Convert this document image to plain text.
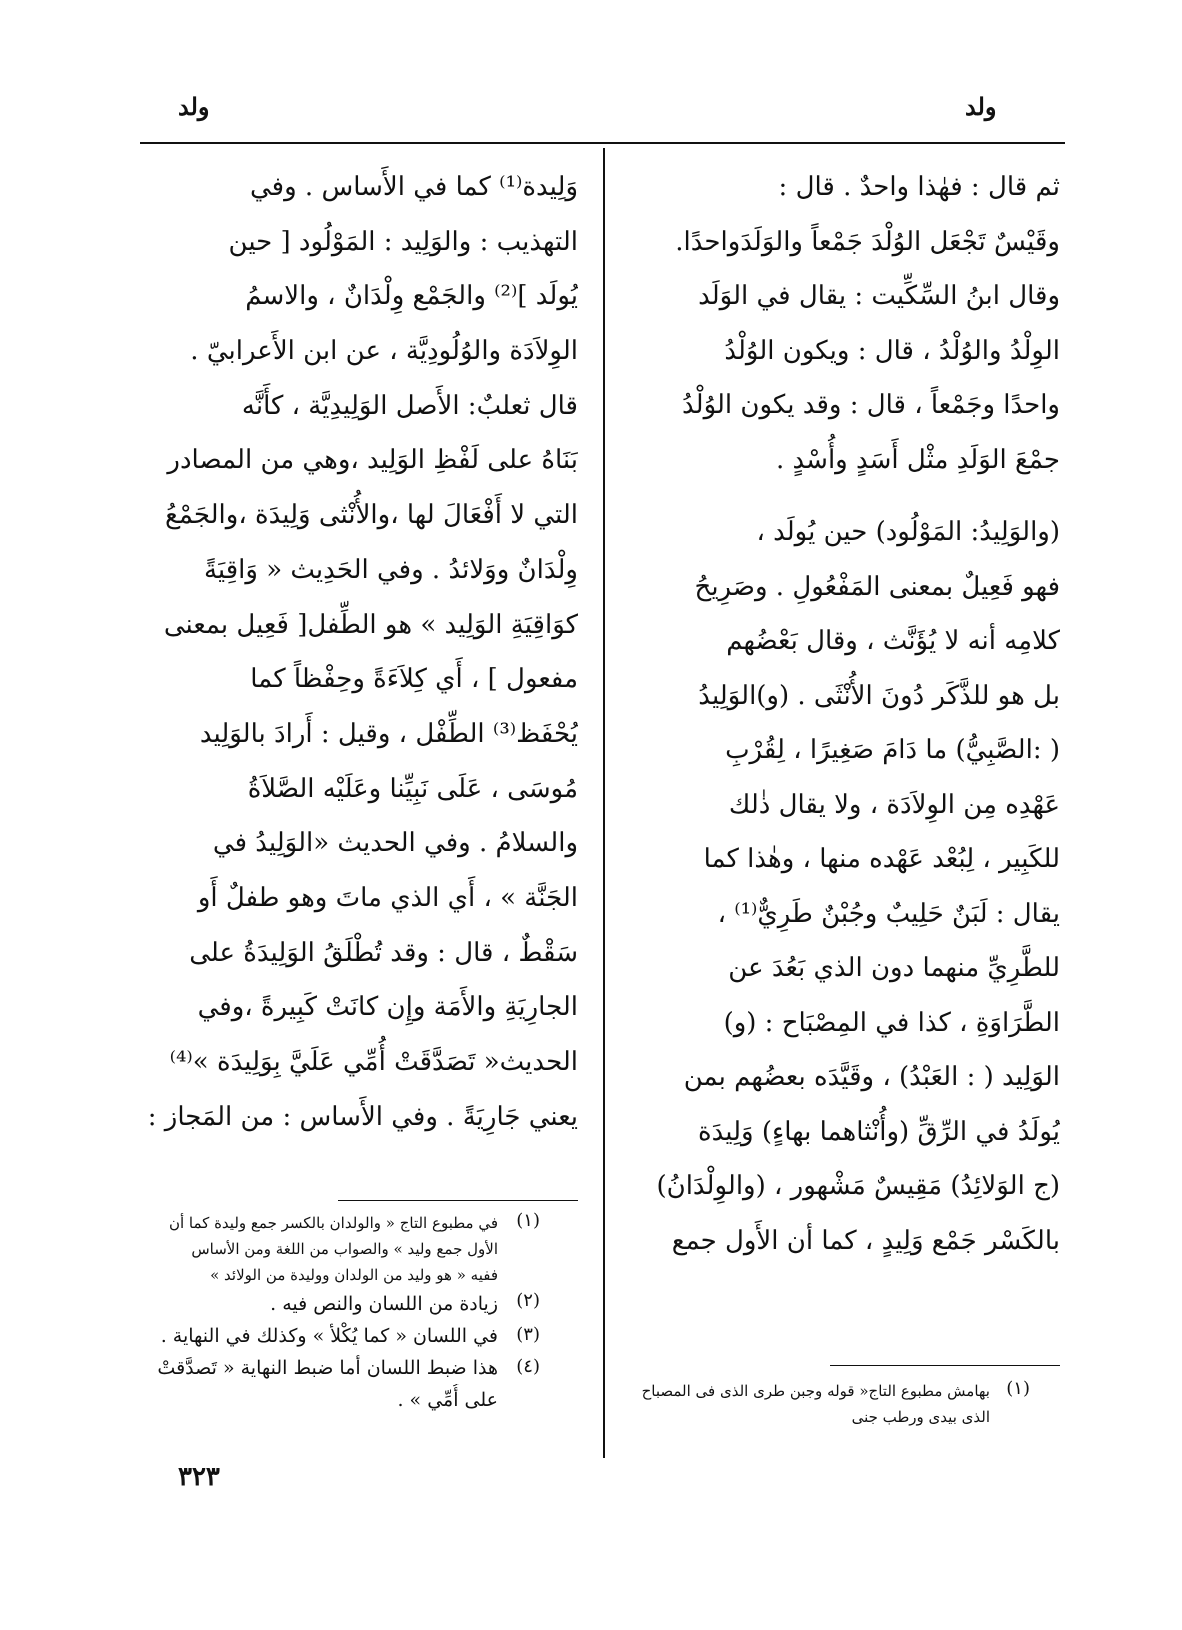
ولد
ولد
ثم قال : فهٰذا واحدٌ . قال :
وقَيْسٌ تَجْعَل الوُلْدَ جَمْعاً والوَلَدَواحدًا.
وقال ابنُ السِّكِّيت : يقال في الوَلَد
الوِلْدُ والوُلْدُ ، قال : ويكون الوُلْدُ
واحدًا وجَمْعاً ، قال : وقد يكون الوُلْدُ
جمْعَ الوَلَدِ مثْل أَسَدٍ وأُسْدٍ .
(والوَلِيدُ: المَوْلُود) حين يُولَد ،
فهو فَعِيلٌ بمعنى المَفْعُولِ . وصَرِيحُ
كلامِه أنه لا يُؤَنَّث ، وقال بَعْضُهم
بل هو للذَّكَر دُونَ الأُنْثَى . (و)الوَلِيدُ
( :الصَّبِيُّ) ما دَامَ صَغِيرًا ، لِقُرْبِ
عَهْدِه مِن الوِلاَدَة ، ولا يقال ذٰلك
للكَبِير ، لِبُعْد عَهْده منها ، وهٰذا كما
يقال : لَبَنٌ حَلِيبٌ وجُبْنٌ طَرِيٌّ⁽¹⁾ ،
للطَّرِيِّ منهما دون الذي بَعُدَ عن
الطَّرَاوَةِ ، كذا في المِصْبَاح : (و)
الوَلِيد ( : العَبْدُ) ، وقَيَّدَه بعضُهم بمن
يُولَدُ في الرِّقِّ (وأُنْثاهما بهاءٍ) وَلِيدَة
(ج الوَلائِدُ) مَقِيسٌ مَشْهور ، (والوِلْدَانُ)
بالكَسْر جَمْع وَلِيدٍ ، كما أن الأَول جمع
(١)
بهامش مطبوع التاج« قوله وجبن طرى الذى فى المصباح
الذى بيدى ورطب جنى
وَلِيدة⁽¹⁾ كما في الأَساس . وفي
التهذيب : والوَلِيد : المَوْلُود [ حين
يُولَد ]⁽²⁾ والجَمْع وِلْدَانٌ ، والاسمُ
الوِلاَدَة والوُلُودِيَّة ، عن ابن الأَعرابيّ .
قال ثعلبٌ: الأَصل الوَلِيدِيَّة ، كأَنَّه
بَنَاهُ على لَفْظِ الوَلِيد ،وهي من المصادر
التي لا أَفْعَالَ لها ،والأُنْثى وَلِيدَة ،والجَمْعُ
وِلْدَانٌ ووَلائدُ . وفي الحَدِيث « وَاقِيَةً
كوَاقِيَةِ الوَلِيد » هو الطِّفل[ فَعِيل بمعنى
مفعول ] ، أَي كِلاَءَةً وحِفْظاً كما
يُحْفَظ⁽³⁾ الطِّفْل ، وقيل : أَرادَ بالوَلِيد
مُوسَى ، عَلَى نَبِيِّنا وعَلَيْه الصَّلاَةُ
والسلامُ . وفي الحديث «الوَلِيدُ في
الجَنَّة » ، أَي الذي ماتَ وهو طفلٌ أَو
سَقْطٌ ، قال : وقد تُطْلَقُ الوَلِيدَةُ على
الجارِيَةِ والأَمَة وإِن كانَتْ كَبِيرةً ،وفي
الحديث« تَصَدَّقَتْ أُمِّي عَلَيَّ بِوَلِيدَة »⁽⁴⁾
يعني جَارِيَةً . وفي الأَساس : من المَجاز :
(١)
في مطبوع التاج « والولدان بالكسر جمع وليدة كما أن
الأول جمع وليد » والصواب من اللغة ومن الأساس
ففيه « هو وليد من الولدان ووليدة من الولائد »
(٢)
زيادة من اللسان والنص فيه .
(٣)
في اللسان « كما يُكْلأ » وكذلك في النهاية .
(٤)
هذا ضبط اللسان أما ضبط النهاية « تَصدَّقتْ
على أُمِّي » .
٣٢٣
